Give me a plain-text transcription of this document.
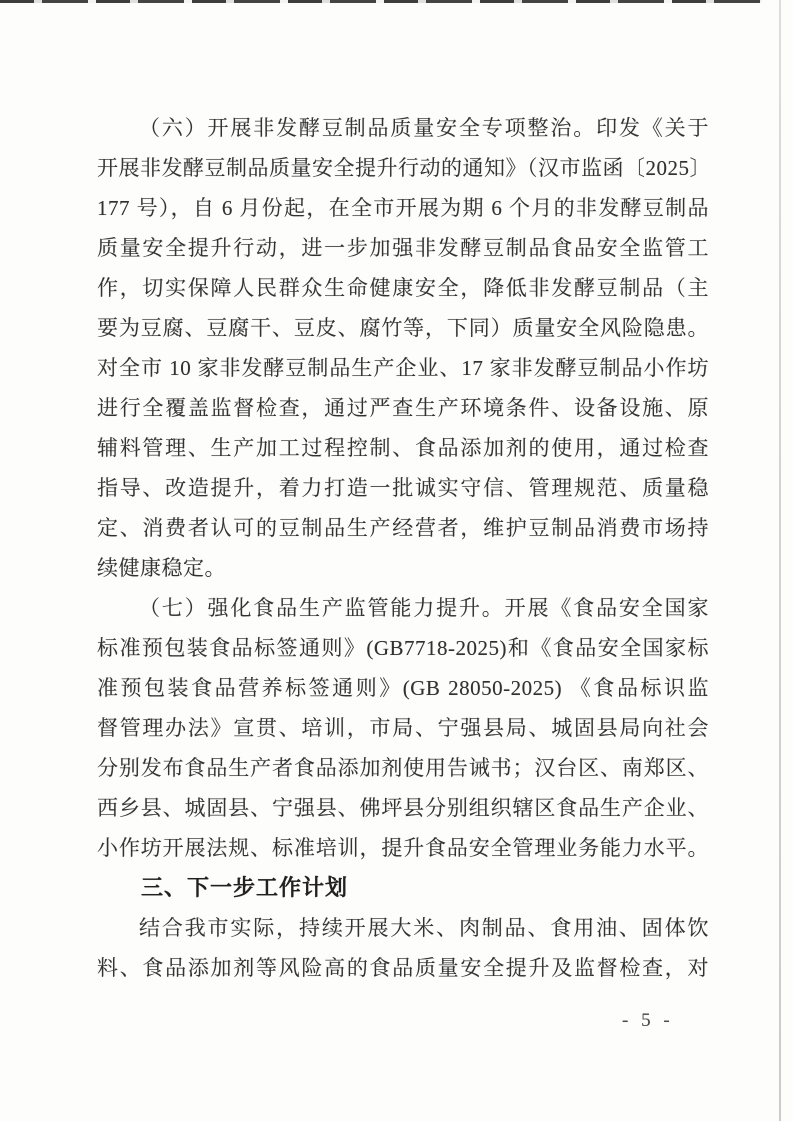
（六）开展非发酵豆制品质量安全专项整治。印发《关于
开展非发酵豆制品质量安全提升行动的通知》（汉市监函〔2025〕
177 号），自 6 月份起，在全市开展为期 6 个月的非发酵豆制品
质量安全提升行动，进一步加强非发酵豆制品食品安全监管工
作，切实保障人民群众生命健康安全，降低非发酵豆制品（主
要为豆腐、豆腐干、豆皮、腐竹等，下同）质量安全风险隐患。
对全市 10 家非发酵豆制品生产企业、17 家非发酵豆制品小作坊
进行全覆盖监督检查，通过严查生产环境条件、设备设施、原
辅料管理、生产加工过程控制、食品添加剂的使用，通过检查
指导、改造提升，着力打造一批诚实守信、管理规范、质量稳
定、消费者认可的豆制品生产经营者，维护豆制品消费市场持
续健康稳定。
（七）强化食品生产监管能力提升。开展《食品安全国家
标准预包装食品标签通则》(GB7718-2025)和《食品安全国家标
准预包装食品营养标签通则》(GB 28050-2025) 《食品标识监
督管理办法》宣贯、培训，市局、宁强县局、城固县局向社会
分别发布食品生产者食品添加剂使用告诫书；汉台区、南郑区、
西乡县、城固县、宁强县、佛坪县分别组织辖区食品生产企业、
小作坊开展法规、标准培训，提升食品安全管理业务能力水平。
三、下一步工作计划
结合我市实际，持续开展大米、肉制品、食用油、固体饮
料、食品添加剂等风险高的食品质量安全提升及监督检查，对
- 5 -
